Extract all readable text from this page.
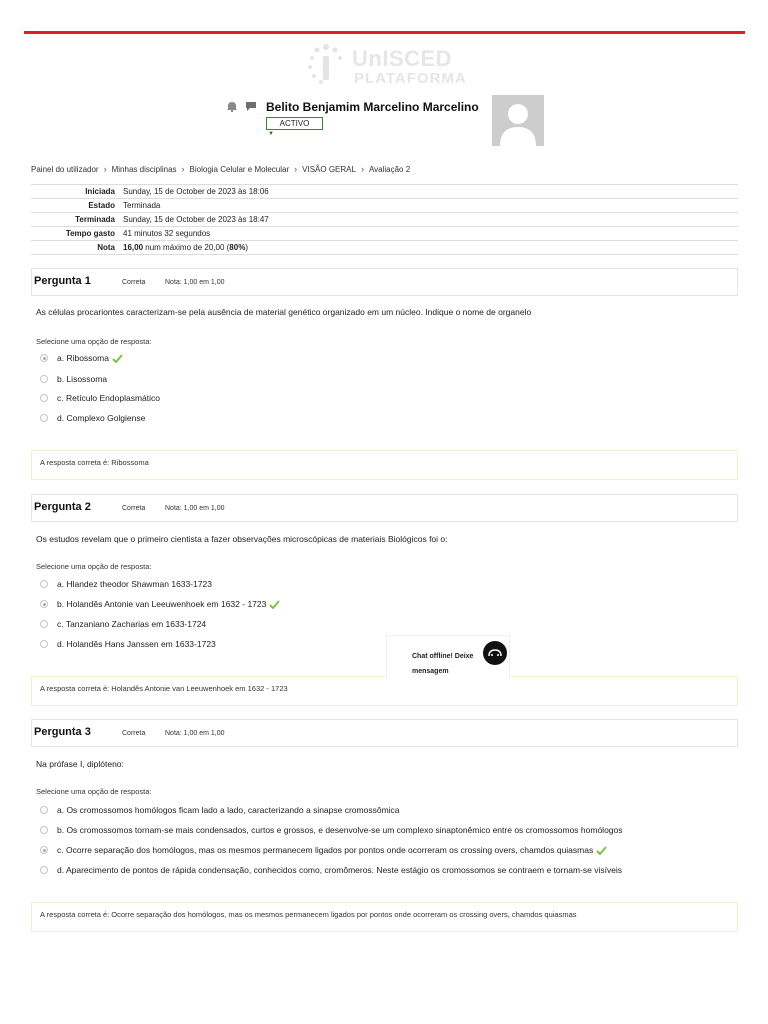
UnISCED
PLATAFORMA
Belito Benjamim Marcelino Marcelino
ACTIVO
▼
Painel do utilizador › Minhas disciplinas › Biologia Celular e Molecular › VISÃO GERAL › Avaliação 2
Iniciada	Sunday, 15 de October de 2023 às 18:06
Estado	Terminada
Terminada	Sunday, 15 de October de 2023 às 18:47
Tempo gasto	41 minutos 32 segundos
Nota	16,00 num máximo de 20,00 (80%)
Pergunta 1	Correta	Nota: 1,00 em 1,00
As células procariontes caracterizam-se pela ausência de material genético organizado em um núcleo. Indique o nome de organelo
Selecione uma opção de resposta:
a. Ribossoma
b. Lisossoma
c. Retículo Endoplasmático
d. Complexo Golgiense
A resposta correta é: Ribossoma
Pergunta 2	Correta	Nota: 1,00 em 1,00
Os estudos revelam que o primeiro cientista a fazer observações microscópicas de materiais Biológicos foi o:
Selecione uma opção de resposta:
a. Hlandez theodor Shawman 1633-1723
b. Holandês Antonie van Leeuwenhoek em 1632 - 1723
c. Tanzaniano Zacharias em 1633-1724
d. Holandês Hans Janssen em 1633-1723
A resposta correta é: Holandês Antonie van Leeuwenhoek em 1632 - 1723
Chat offline! Deixe mensagem
Pergunta 3	Correta	Nota: 1,00 em 1,00
Na prófase I, diplóteno:
Selecione uma opção de resposta:
a. Os cromossomos homólogos ficam lado a lado, caracterizando a sinapse cromossômica
b. Os cromossomos tornam-se mais condensados, curtos e grossos, e desenvolve-se um complexo sinaptonêmico entre os cromossomos homólogos
c. Ocorre separação dos homólogos, mas os mesmos permanecem ligados por pontos onde ocorreram os crossing overs, chamdos quiasmas
d. Aparecimento de pontos de rápida condensação, conhecidos como, cromômeros. Neste estágio os cromossomos se contraem e tornam-se visíveis
A resposta correta é: Ocorre separação dos homólogos, mas os mesmos permanecem ligados por pontos onde ocorreram os crossing overs, chamdos quiasmas
